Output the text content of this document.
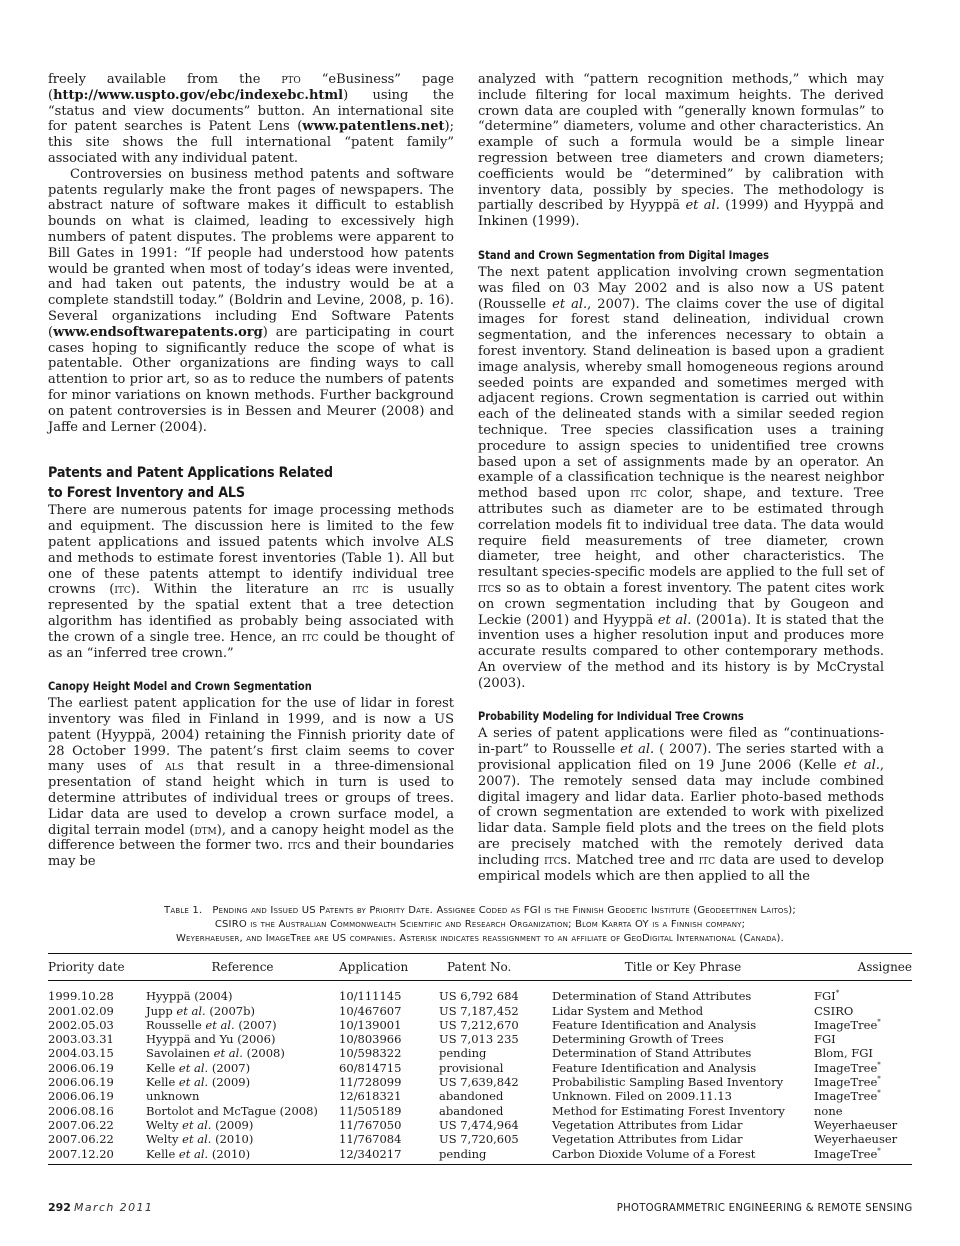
freely available from the pto “eBusiness” page (http://www.uspto.gov/ebc/indexebc.html) using the “status and view documents” button. An international site for patent searches is Patent Lens (www.patentlens.net); this site shows the full international “patent family” associated with any individual patent.

Controversies on business method patents and software patents regularly make the front pages of newspapers. The abstract nature of software makes it difficult to establish bounds on what is claimed, leading to excessively high numbers of patent disputes. The problems were apparent to Bill Gates in 1991: “If people had understood how patents would be granted when most of today’s ideas were invented, and had taken out patents, the industry would be at a complete standstill today.” (Boldrin and Levine, 2008, p. 16). Several organizations including End Software Patents (www.endsoftwarepatents.org) are participating in court cases hoping to significantly reduce the scope of what is patentable. Other organizations are finding ways to call attention to prior art, so as to reduce the numbers of patents for minor variations on known methods. Further background on patent controversies is in Bessen and Meurer (2008) and Jaffe and Lerner (2004).

Patents and Patent Applications Related
to Forest Inventory and ALS

There are numerous patents for image processing methods and equipment. The discussion here is limited to the few patent applications and issued patents which involve ALS and methods to estimate forest inventories (Table 1). All but one of these patents attempt to identify individual tree crowns (itc). Within the literature an itc is usually represented by the spatial extent that a tree detection algorithm has identified as probably being associated with the crown of a single tree. Hence, an itc could be thought of as an “inferred tree crown.”

Canopy Height Model and Crown Segmentation

The earliest patent application for the use of lidar in forest inventory was filed in Finland in 1999, and is now a US patent (Hyyppä, 2004) retaining the Finnish priority date of 28 October 1999. The patent’s first claim seems to cover many uses of als that result in a three-dimensional presentation of stand height which in turn is used to determine attributes of individual trees or groups of trees. Lidar data are used to develop a crown surface model, a digital terrain model (dtm), and a canopy height model as the difference between the former two. itcs and their boundaries may be

analyzed with “pattern recognition methods,” which may include filtering for local maximum heights. The derived crown data are coupled with “generally known formulas” to “determine” diameters, volume and other characteristics. An example of such a formula would be a simple linear regression between tree diameters and crown diameters; coefficients would be “determined” by calibration with inventory data, possibly by species. The methodology is partially described by Hyyppä et al. (1999) and Hyyppä and Inkinen (1999).

Stand and Crown Segmentation from Digital Images

The next patent application involving crown segmentation was filed on 03 May 2002 and is also now a US patent (Rousselle et al., 2007). The claims cover the use of digital images for forest stand delineation, individual crown segmentation, and the inferences necessary to obtain a forest inventory. Stand delineation is based upon a gradient image analysis, whereby small homogeneous regions around seeded points are expanded and sometimes merged with adjacent regions. Crown segmentation is carried out within each of the delineated stands with a similar seeded region technique. Tree species classification uses a training procedure to assign species to unidentified tree crowns based upon a set of assignments made by an operator. An example of a classification technique is the nearest neighbor method based upon itc color, shape, and texture. Tree attributes such as diameter are to be estimated through correlation models fit to individual tree data. The data would require field measurements of tree diameter, crown diameter, tree height, and other characteristics. The resultant species-specific models are applied to the full set of itcs so as to obtain a forest inventory. The patent cites work on crown segmentation including that by Gougeon and Leckie (2001) and Hyyppä et al. (2001a). It is stated that the invention uses a higher resolution input and produces more accurate results compared to other contemporary methods. An overview of the method and its history is by McCrystal (2003).

Probability Modeling for Individual Tree Crowns

A series of patent applications were filed as “continuations-in-part” to Rousselle et al. ( 2007). The series started with a provisional application filed on 19 June 2006 (Kelle et al., 2007). The remotely sensed data may include combined digital imagery and lidar data. Earlier photo-based methods of crown segmentation are extended to work with pixelized lidar data. Sample field plots and the trees on the field plots are precisely matched with the remotely derived data including itcs. Matched tree and itc data are used to develop empirical models which are then applied to all the

Table 1. Pending and Issued US Patents by Priority Date. Assignee Coded as FGI is the Finnish Geodetic Institute (Geodeettinen Laitos);
CSIRO is the Australian Commonwealth Scientific and Research Organization; Blom Karrta OY is a Finnish company;
Weyerhaeuser, and ImageTree are US companies. Asterisk indicates reassignment to an affiliate of GeoDigital International (Canada).
Priority date	Reference	Application	Patent No.	Title or Key Phrase	Assignee
1999.10.28	Hyyppä (2004)	10/111145	US 6,792 684	Determination of Stand Attributes	FGI*
2001.02.09	Jupp et al. (2007b)	10/467607	US 7,187,452	Lidar System and Method	CSIRO
2002.05.03	Rousselle et al. (2007)	10/139001	US 7,212,670	Feature Identification and Analysis	ImageTree*
2003.03.31	Hyyppä and Yu (2006)	10/803966	US 7,013 235	Determining Growth of Trees	FGI
2004.03.15	Savolainen et al. (2008)	10/598322	pending	Determination of Stand Attributes	Blom, FGI
2006.06.19	Kelle et al. (2007)	60/814715	provisional	Feature Identification and Analysis	ImageTree*
2006.06.19	Kelle et al. (2009)	11/728099	US 7,639,842	Probabilistic Sampling Based Inventory	ImageTree*
2006.06.19	unknown	12/618321	abandoned	Unknown. Filed on 2009.11.13	ImageTree*
2006.08.16	Bortolot and McTague (2008)	11/505189	abandoned	Method for Estimating Forest Inventory	none
2007.06.22	Welty et al. (2009)	11/767050	US 7,474,964	Vegetation Attributes from Lidar	Weyerhaeuser
2007.06.22	Welty et al. (2010)	11/767084	US 7,720,605	Vegetation Attributes from Lidar	Weyerhaeuser
2007.12.20	Kelle et al. (2010)	12/340217	pending	Carbon Dioxide Volume of a Forest	ImageTree*
292 March 2011	PHOTOGRAMMETRIC ENGINEERING & REMOTE SENSING
